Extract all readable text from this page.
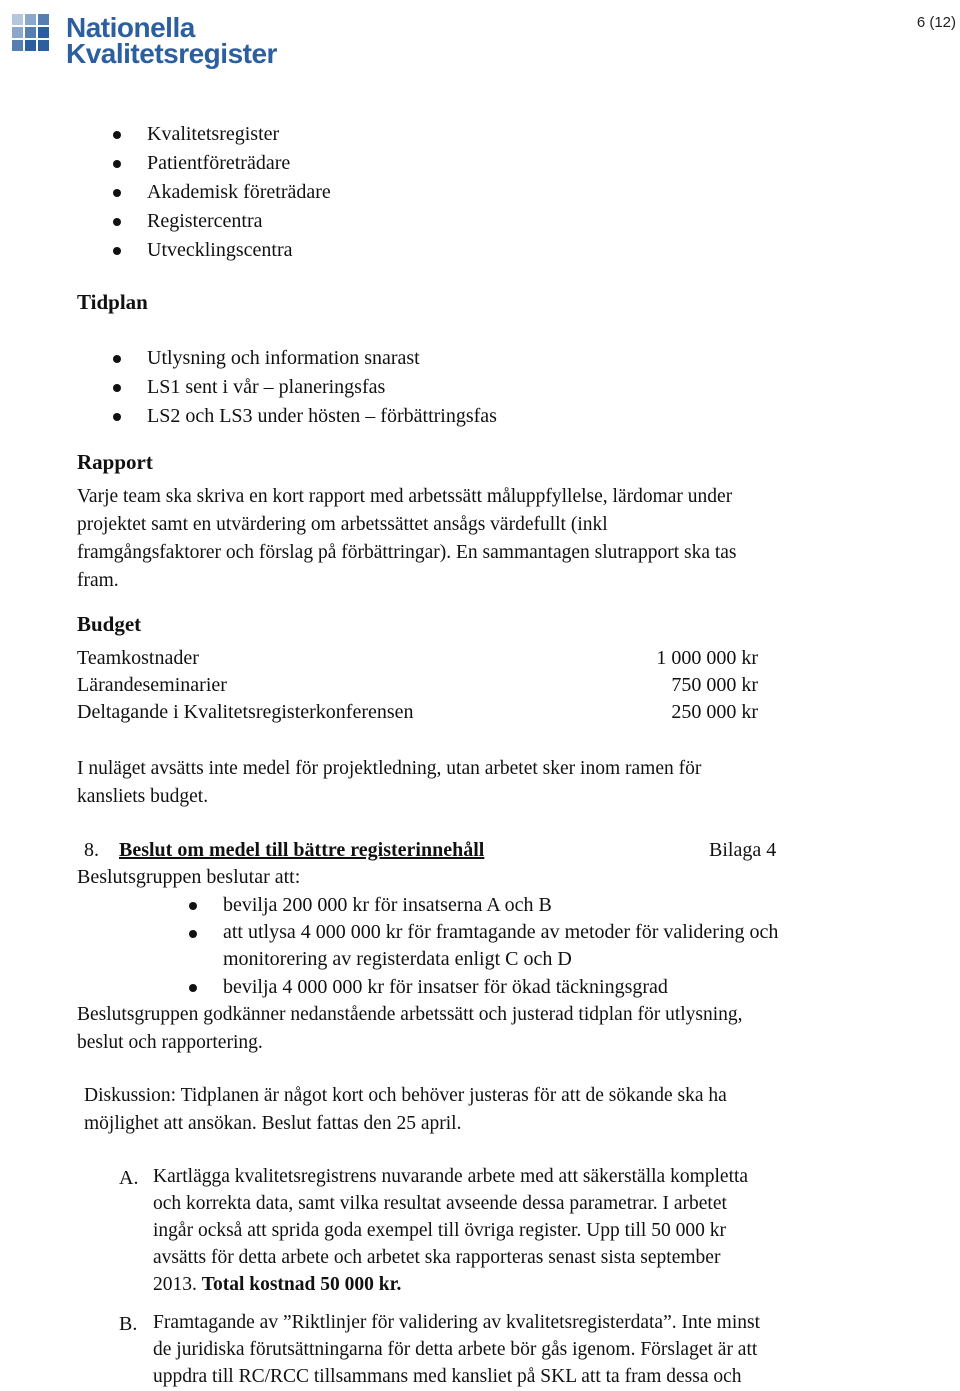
Nationella
Kvalitetsregister
6 (12)
Kvalitetsregister
Patientföreträdare
Akademisk företrädare
Registercentra
Utvecklingscentra
Tidplan
Utlysning och information snarast
LS1 sent i vår – planeringsfas
LS2 och LS3 under hösten – förbättringsfas
Rapport
Varje team ska skriva en kort rapport med arbetssätt måluppfyllelse, lärdomar under
projektet samt en utvärdering om arbetssättet ansågs värdefullt (inkl
framgångsfaktorer och förslag på förbättringar). En sammantagen slutrapport ska tas
fram.
Budget
Teamkostnader	1 000 000 kr
Lärandeseminarier	750 000 kr
Deltagande i Kvalitetsregisterkonferensen	250 000 kr
I nuläget avsätts inte medel för projektledning, utan arbetet sker inom ramen för
kansliets budget.
8. Beslut om medel till bättre registerinnehåll	Bilaga 4
Beslutsgruppen beslutar att:
bevilja 200 000 kr för insatserna A och B
att utlysa 4 000 000 kr för framtagande av metoder för validering och
monitorering av registerdata enligt C och D
bevilja 4 000 000 kr för insatser för ökad täckningsgrad
Beslutsgruppen godkänner nedanstående arbetssätt och justerad tidplan för utlysning,
beslut och rapportering.
Diskussion: Tidplanen är något kort och behöver justeras för att de sökande ska ha
möjlighet att ansökan. Beslut fattas den 25 april.
A. Kartlägga kvalitetsregistrens nuvarande arbete med att säkerställa kompletta
och korrekta data, samt vilka resultat avseende dessa parametrar. I arbetet
ingår också att sprida goda exempel till övriga register. Upp till 50 000 kr
avsätts för detta arbete och arbetet ska rapporteras senast sista september
2013. Total kostnad 50 000 kr.
B. Framtagande av ”Riktlinjer för validering av kvalitetsregisterdata”. Inte minst
de juridiska förutsättningarna för detta arbete bör gås igenom. Förslaget är att
uppdra till RC/RCC tillsammans med kansliet på SKL att ta fram dessa och
